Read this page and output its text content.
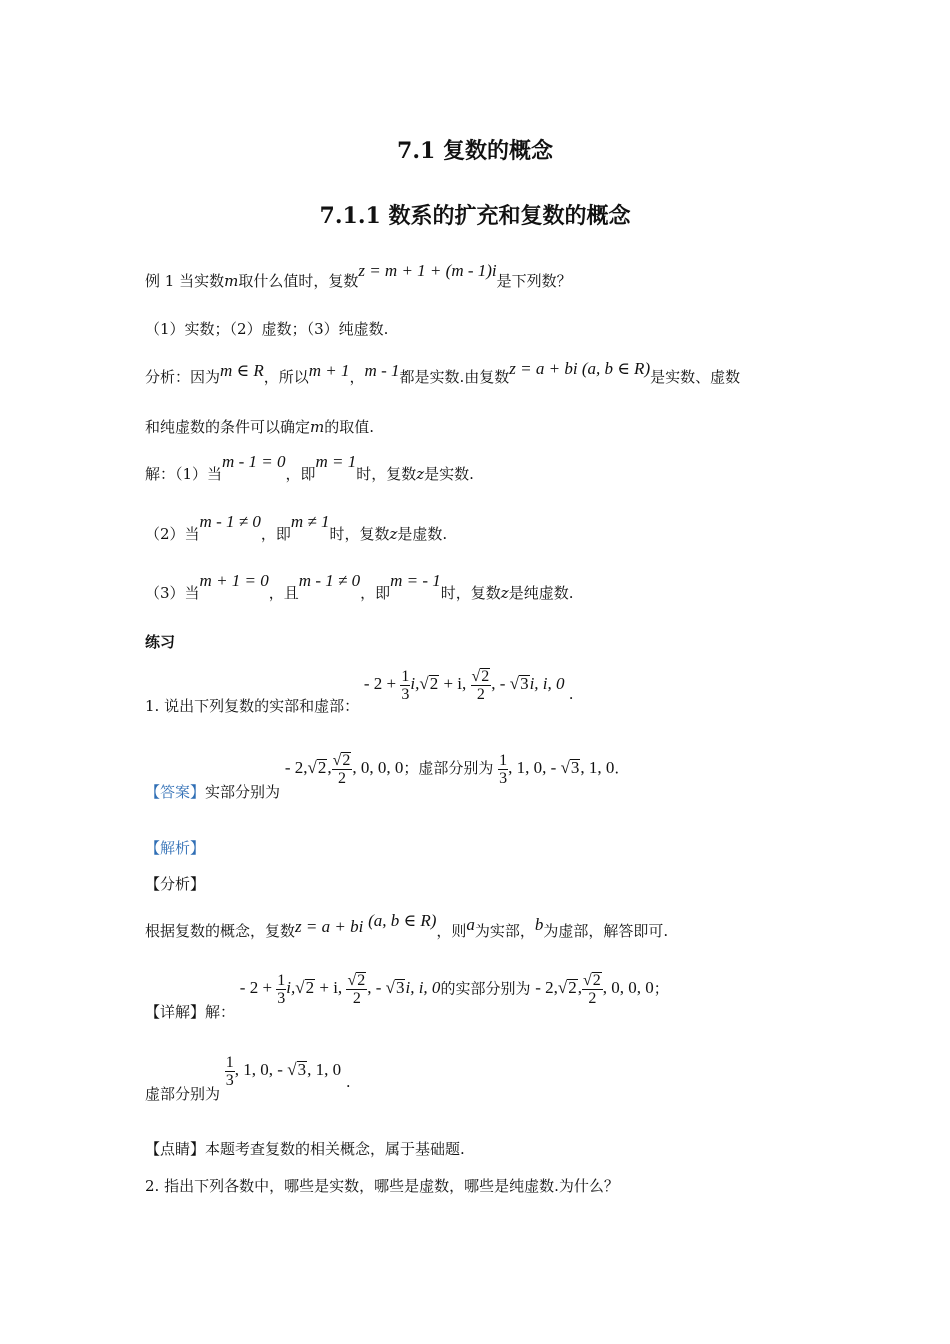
7.1 复数的概念
7.1.1 数系的扩充和复数的概念
例 1 当实数m取什么值时，复数z = m + 1 + (m - 1)i是下列数？
（1）实数；（2）虚数；（3）纯虚数.
分析：因为m ∈ R，所以m + 1，m - 1都是实数.由复数z = a + bi (a, b ∈ R)是实数、虚数
和纯虚数的条件可以确定m的取值.
解：（1）当m - 1 = 0，即m = 1时，复数z是实数.
（2）当m - 1 ≠ 0，即m ≠ 1时，复数z是虚数.
（3）当m + 1 = 0，且m - 1 ≠ 0，即m = - 1时，复数z是纯虚数.
练习
1. 说出下列复数的实部和虚部： - $2 + \frac{1}{3} i,√2 + i$, $\frac{√2}{2}$ , - √3i, i, 0 .
【答案】实部分别为 - 2,√2, $\frac{√2}{2}$ , 0, 0, 0；虚部分别为 $\frac{1}{3}$ , 1, 0, - √3, 1, 0.
【解析】
【分析】
根据复数的概念，复数z = a + bi (a, b ∈ R)，则a为实部，b为虚部，解答即可.
【详解】解： - $2 + \frac{1}{3} i,√2 + i$, $\frac{√2}{2}$ , - √3i, i, 0的实部分别为 - 2,√2, $\frac{√2}{2}$ , 0, 0, 0；
虚部分别为
$\frac{1}{3}$ , 1, 0, - √3, 1, 0 .
【点睛】本题考查复数的相关概念，属于基础题.
2. 指出下列各数中，哪些是实数，哪些是虚数，哪些是纯虚数.为什么？
